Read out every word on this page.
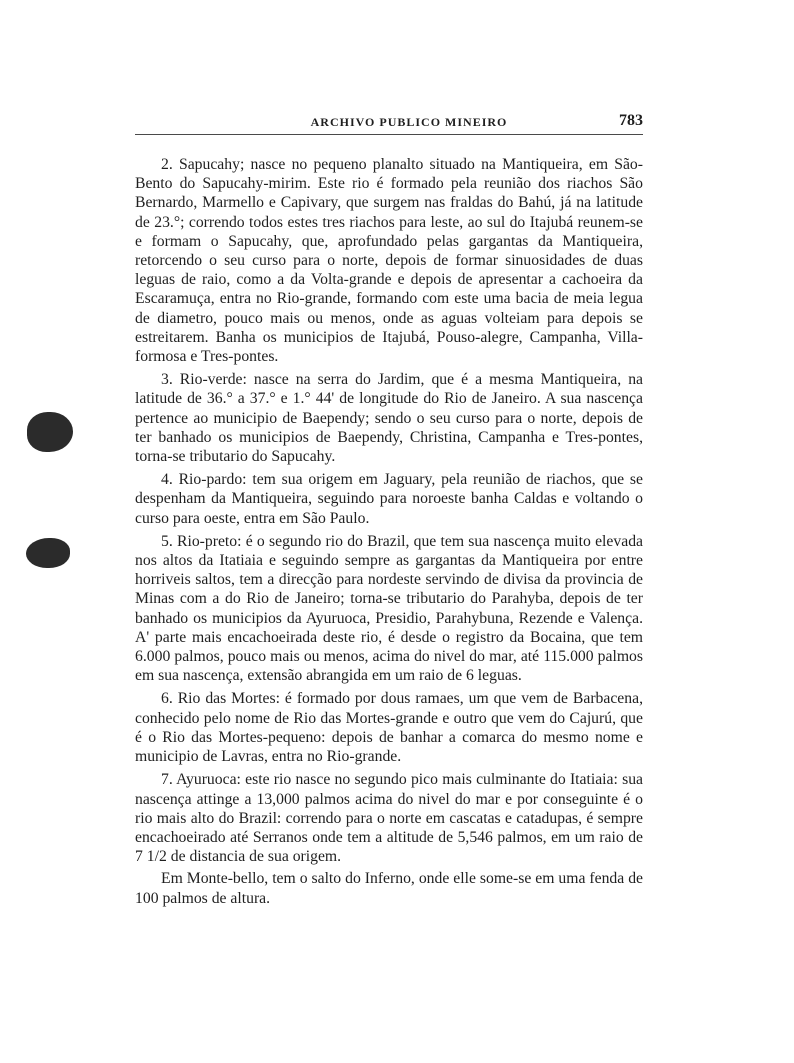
ARCHIVO PUBLICO MINEIRO	783

2. Sapucahy; nasce no pequeno planalto situado na Mantiqueira, em São-Bento do Sapucahy-mirim. Este rio é formado pela reunião dos riachos São Bernardo, Marmello e Capivary, que surgem nas fraldas do Bahú, já na latitude de 23.°; correndo todos estes tres riachos para leste, ao sul do Itajubá reunem-se e formam o Sapucahy, que, aprofundado pelas gargantas da Mantiqueira, retorcendo o seu curso para o norte, depois de formar sinuosidades de duas leguas de raio, como a da Volta-grande e depois de apresentar a cachoeira da Escaramuça, entra no Rio-grande, formando com este uma bacia de meia legua de diametro, pouco mais ou menos, onde as aguas volteiam para depois se estreitarem. Banha os municipios de Itajubá, Pouso-alegre, Campanha, Villa-formosa e Tres-pontes.

3. Rio-verde: nasce na serra do Jardim, que é a mesma Mantiqueira, na latitude de 36.° a 37.° e 1.° 44' de longitude do Rio de Janeiro. A sua nascença pertence ao municipio de Baependy; sendo o seu curso para o norte, depois de ter banhado os municipios de Baependy, Christina, Campanha e Tres-pontes, torna-se tributario do Sapucahy.

4. Rio-pardo: tem sua origem em Jaguary, pela reunião de riachos, que se despenham da Mantiqueira, seguindo para noroeste banha Caldas e voltando o curso para oeste, entra em São Paulo.

5. Rio-preto: é o segundo rio do Brazil, que tem sua nascença muito elevada nos altos da Itatiaia e seguindo sempre as gargantas da Mantiqueira por entre horriveis saltos, tem a direcção para nordeste servindo de divisa da provincia de Minas com a do Rio de Janeiro; torna-se tributario do Parahyba, depois de ter banhado os municipios da Ayuruoca, Presidio, Parahybuna, Rezende e Valença. A' parte mais encachoeirada deste rio, é desde o registro da Bocaina, que tem 6.000 palmos, pouco mais ou menos, acima do nivel do mar, até 115.000 palmos em sua nascença, extensão abrangida em um raio de 6 leguas.

6. Rio das Mortes: é formado por dous ramaes, um que vem de Barbacena, conhecido pelo nome de Rio das Mortes-grande e outro que vem do Cajurú, que é o Rio das Mortes-pequeno: depois de banhar a comarca do mesmo nome e municipio de Lavras, entra no Rio-grande.

7. Ayuruoca: este rio nasce no segundo pico mais culminante do Itatiaia: sua nascença attinge a 13,000 palmos acima do nivel do mar e por conseguinte é o rio mais alto do Brazil: correndo para o norte em cascatas e catadupas, é sempre encachoeirado até Serranos onde tem a altitude de 5,546 palmos, em um raio de 7 1/2 de distancia de sua origem.

Em Monte-bello, tem o salto do Inferno, onde elle some-se em uma fenda de 100 palmos de altura.
